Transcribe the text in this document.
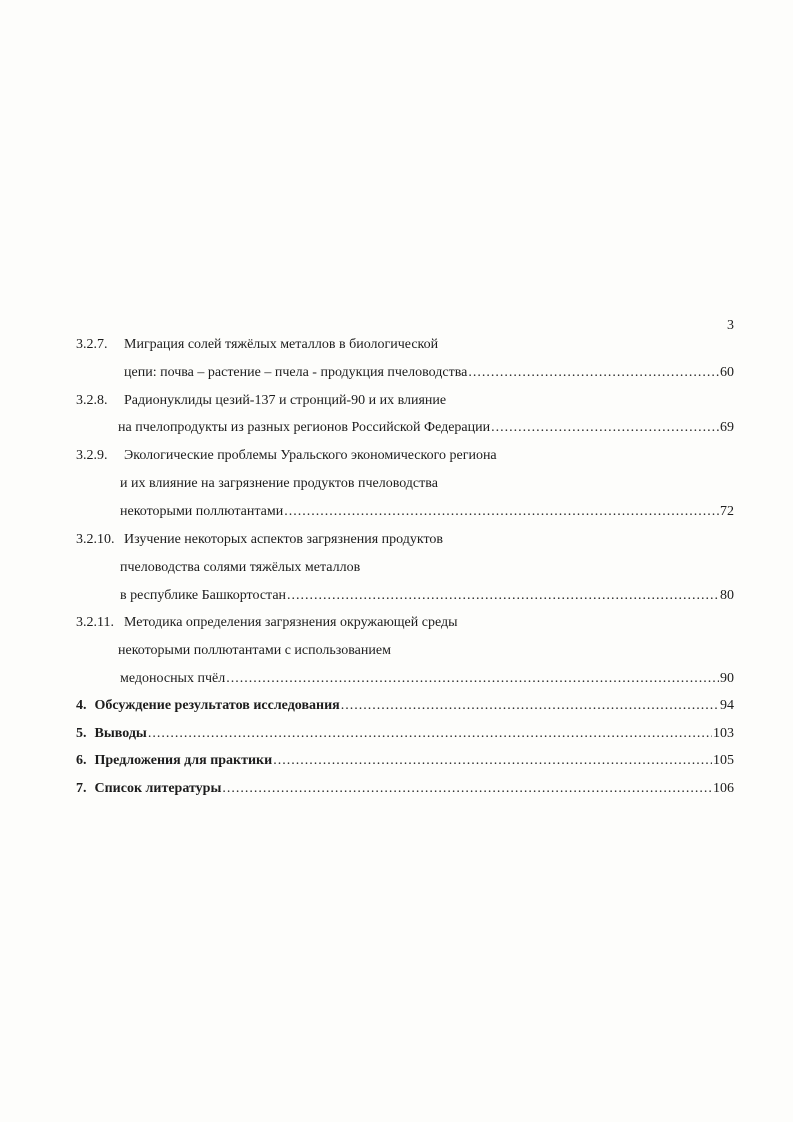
3
3.2.7. Миграция солей тяжёлых металлов в биологической
цепи: почва – растение – пчела - продукция пчеловодства .....	60
3.2.8. Радионуклиды цезий-137 и стронций-90 и их влияние
на пчелопродукты из разных регионов Российской Федерации .....	69
3.2.9. Экологические проблемы Уральского экономического региона
и их влияние на загрязнение продуктов пчеловодства
некоторыми поллютантами .....	72
3.2.10. Изучение некоторых аспектов загрязнения продуктов
пчеловодства солями тяжёлых металлов
в республике Башкортостан .....	80
3.2.11. Методика определения загрязнения окружающей среды
некоторыми поллютантами с использованием
медоносных пчёл .....	90
4. Обсуждение результатов исследования .....	94
5. Выводы .....	103
6. Предложения для практики .....	105
7. Список литературы .....	106
